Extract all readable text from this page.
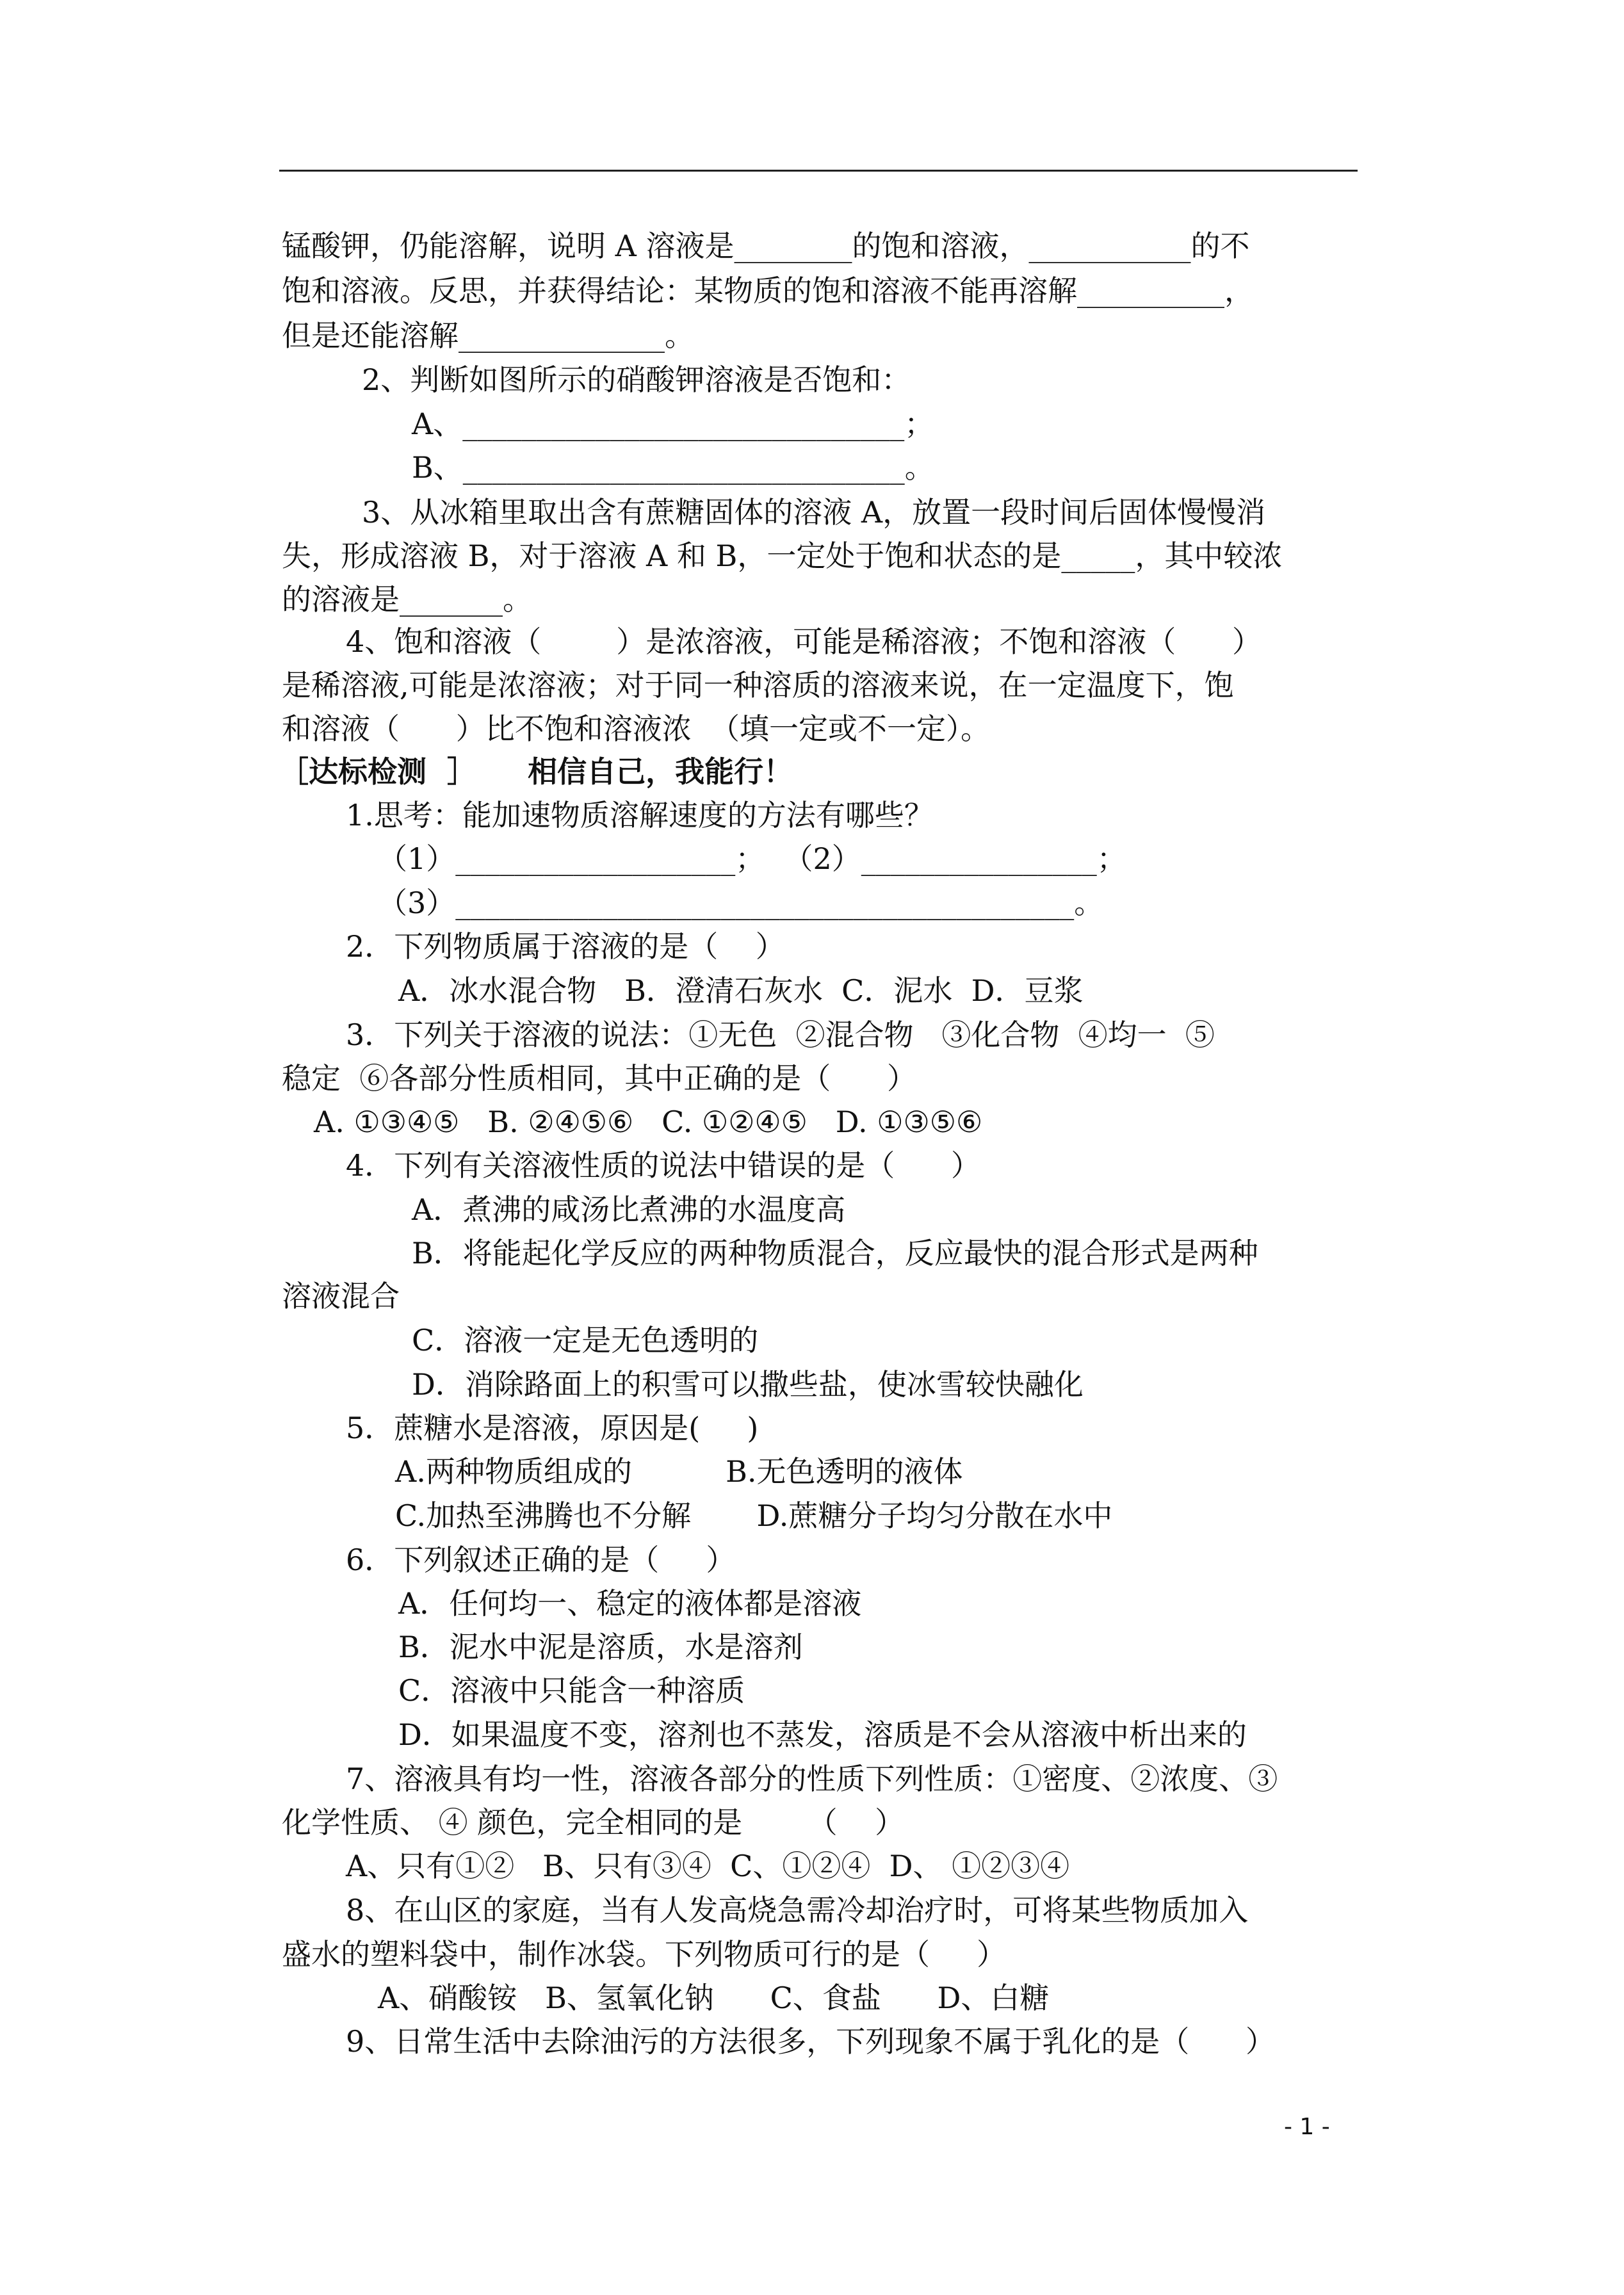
锰酸钾，仍能溶解，说明 A 溶液是________的饱和溶液，___________的不
饱和溶液。反思，并获得结论：某物质的饱和溶液不能再溶解__________，
但是还能溶解______________。
2、判断如图所示的硝酸钾溶液是否饱和：
A、______________________________；
B、______________________________。
3、从冰箱里取出含有蔗糖固体的溶液 A，放置一段时间后固体慢慢消
失，形成溶液 B，对于溶液 A 和 B，一定处于饱和状态的是_____，其中较浓
的溶液是_______。
4、饱和溶液（        ）是浓溶液，可能是稀溶液；不饱和溶液（      ）
是稀溶液,可能是浓溶液；对于同一种溶质的溶液来说，在一定温度下，饱
和溶液（      ）比不饱和溶液浓  （填一定或不一定）。
［达标检测  ］     相信自己，我能行！
1.思考：能加速物质溶解速度的方法有哪些？
（1）___________________；  （2）________________；
（3）__________________________________________。
2．下列物质属于溶液的是（    ）
A．冰水混合物   B．澄清石灰水  C．泥水  D．豆浆
3．下列关于溶液的说法：①无色  ②混合物   ③化合物  ④均一  ⑤
稳定  ⑥各部分性质相同，其中正确的是（      ）
A. ①③④⑤   B. ②④⑤⑥   C. ①②④⑤   D. ①③⑤⑥
4．下列有关溶液性质的说法中错误的是（      ）
A．煮沸的咸汤比煮沸的水温度高
B．将能起化学反应的两种物质混合，反应最快的混合形式是两种
溶液混合
C．溶液一定是无色透明的
D．消除路面上的积雪可以撒些盐，使冰雪较快融化
5．蔗糖水是溶液，原因是(     )
A.两种物质组成的          B.无色透明的液体
C.加热至沸腾也不分解       D.蔗糖分子均匀分散在水中
6．下列叙述正确的是（     ）
A．任何均一、稳定的液体都是溶液
B．泥水中泥是溶质，水是溶剂
C．溶液中只能含一种溶质
D．如果温度不变，溶剂也不蒸发，溶质是不会从溶液中析出来的
7、溶液具有均一性，溶液各部分的性质下列性质：①密度、②浓度、③
化学性质、 ④ 颜色，完全相同的是       （    ）
A、只有①②   B、只有③④  C、①②④  D、 ①②③④
8、在山区的家庭，当有人发高烧急需冷却治疗时，可将某些物质加入
盛水的塑料袋中，制作冰袋。下列物质可行的是（     ）
A、硝酸铵   B、氢氧化钠      C、食盐      D、白糖
9、日常生活中去除油污的方法很多，下列现象不属于乳化的是（      ）
- 1 -
